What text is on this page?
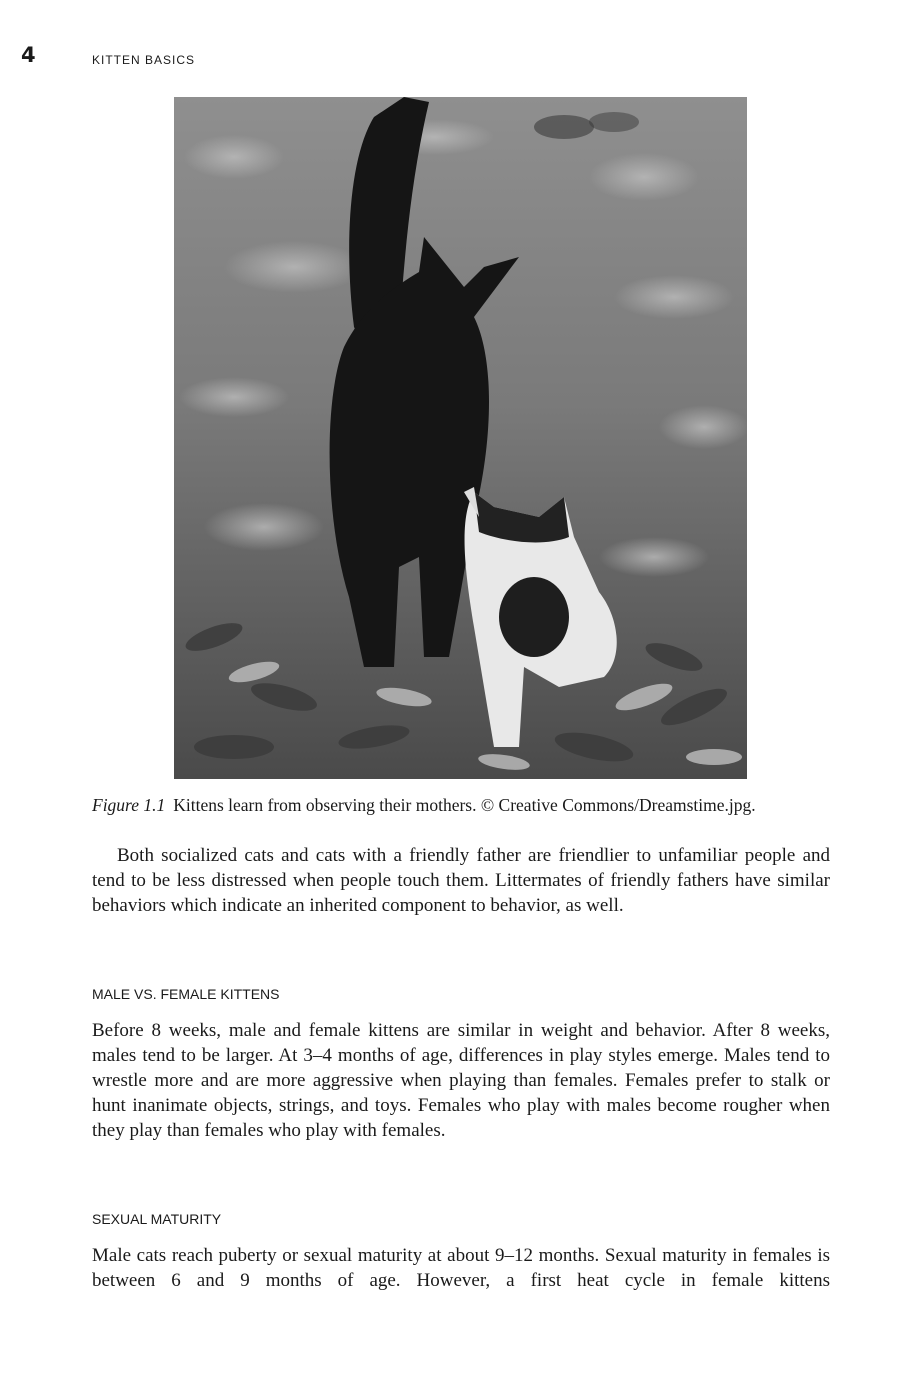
4	KITTEN BASICS
Figure 1.1 Kittens learn from observing their mothers. © Creative Commons/Dreamstime.jpg.

Both socialized cats and cats with a friendly father are friendlier to unfamiliar people and tend to be less distressed when people touch them. Littermates of friendly fathers have similar behaviors which indicate an inherited component to behavior, as well.

MALE VS. FEMALE KITTENS

Before 8 weeks, male and female kittens are similar in weight and behavior. After 8 weeks, males tend to be larger. At 3–4 months of age, differences in play styles emerge. Males tend to wrestle more and are more aggressive when playing than females. Females prefer to stalk or hunt inanimate objects, strings, and toys. Females who play with males become rougher when they play than females who play with females.

SEXUAL MATURITY

Male cats reach puberty or sexual maturity at about 9–12 months. Sexual maturity in females is between 6 and 9 months of age. However, a first heat cycle in female kittens
